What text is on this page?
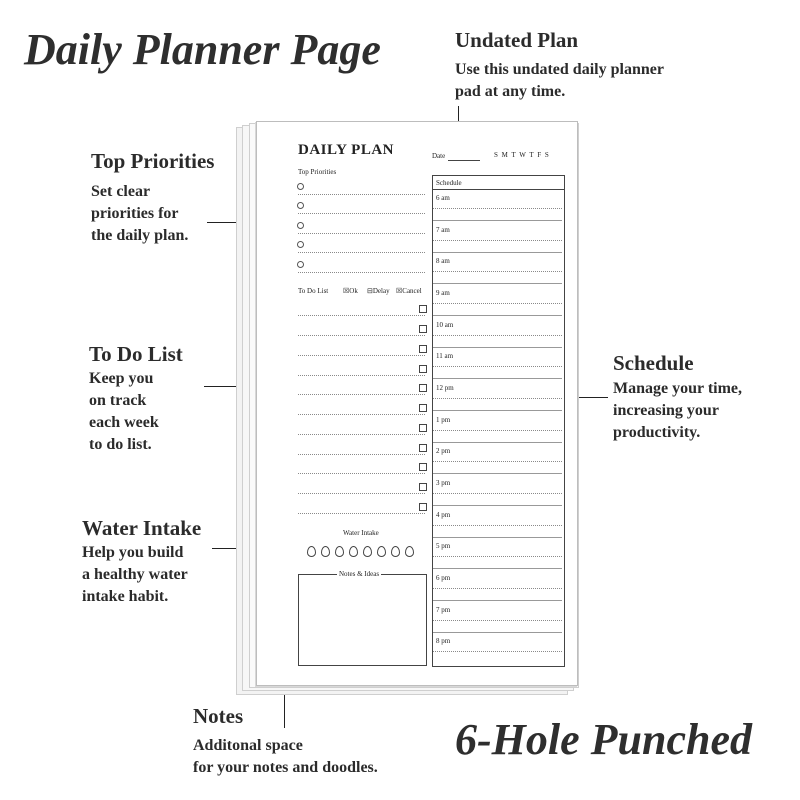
Daily Planner Page
6-Hole Punched
Undated Plan
Use this undated daily planner
pad at any time.
Top Priorities
Set clear
priorities for
the daily plan.
To Do List
Keep you
on track
each week
to do list.
Water Intake
Help you build
a healthy water
intake habit.
Schedule
Manage your time,
increasing your
productivity.
Notes
Additonal space
for your notes and doodles.
DAILY PLAN	Date	S M T W T F S
Top Priorities
To Do List ☒Ok ⊟Delay ☒Cancel
Water Intake
Notes & Ideas
Schedule
6 am
7 am
8 am
9 am
10 am
11 am
12 pm
1 pm
2 pm
3 pm
4 pm
5 pm
6 pm
7 pm
8 pm
